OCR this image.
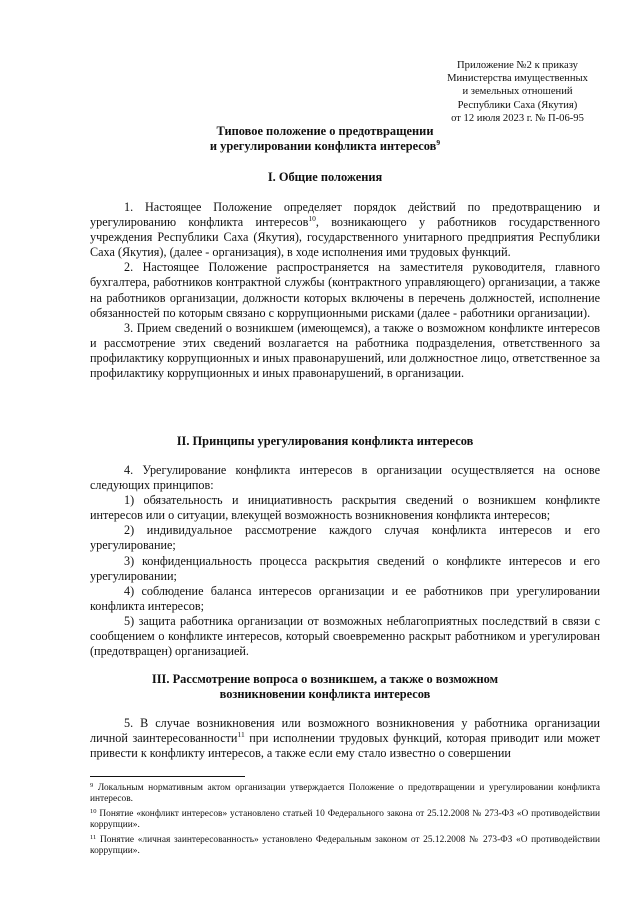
Приложение №2 к приказу
Министерства имущественных
и земельных отношений
Республики Саха (Якутия)
от 12 июля 2023 г. № П-06-95
Типовое положение о предотвращении
и урегулировании конфликта интересов$^9$
I. Общие положения

1. Настоящее Положение определяет порядок действий по предотвращению и урегулированию конфликта интересов$^{10}$, возникающего у работников государственного учреждения Республики Саха (Якутия), государственного унитарного предприятия Республики Саха (Якутия), (далее - организация), в ходе исполнения ими трудовых функций.

2. Настоящее Положение распространяется на заместителя руководителя, главного бухгалтера, работников контрактной службы (контрактного управляющего) организации, а также на работников организации, должности которых включены в перечень должностей, исполнение обязанностей по которым связано с коррупционными рисками (далее - работники организации).

3. Прием сведений о возникшем (имеющемся), а также о возможном конфликте интересов и рассмотрение этих сведений возлагается на работника подразделения, ответственного за профилактику коррупционных и иных правонарушений, или должностное лицо, ответственное за профилактику коррупционных и иных правонарушений, в организации.

II. Принципы урегулирования конфликта интересов

4. Урегулирование конфликта интересов в организации осуществляется на основе следующих принципов:

1) обязательность и инициативность раскрытия сведений о возникшем конфликте интересов или о ситуации, влекущей возможность возникновения конфликта интересов;

2) индивидуальное рассмотрение каждого случая конфликта интересов и его урегулирование;

3) конфиденциальность процесса раскрытия сведений о конфликте интересов и его урегулировании;

4) соблюдение баланса интересов организации и ее работников при урегулировании конфликта интересов;

5) защита работника организации от возможных неблагоприятных последствий в связи с сообщением о конфликте интересов, который своевременно раскрыт работником и урегулирован (предотвращен) организацией.

III. Рассмотрение вопроса о возникшем, а также о возможном
возникновении конфликта интересов

5. В случае возникновения или возможного возникновения у работника организации личной заинтересованности$^{11}$ при исполнении трудовых функций, которая приводит или может привести к конфликту интересов, а также если ему стало известно о совершении

$^9$ Локальным нормативным актом организации утверждается Положение о предотвращении и урегулировании конфликта интересов.

$^{10}$ Понятие «конфликт интересов» установлено статьей 10 Федерального закона от 25.12.2008 № 273-ФЗ «О противодействии коррупции».

$^{11}$ Понятие «личная заинтересованность» установлено Федеральным законом от 25.12.2008 № 273-ФЗ «О противодействии коррупции».
